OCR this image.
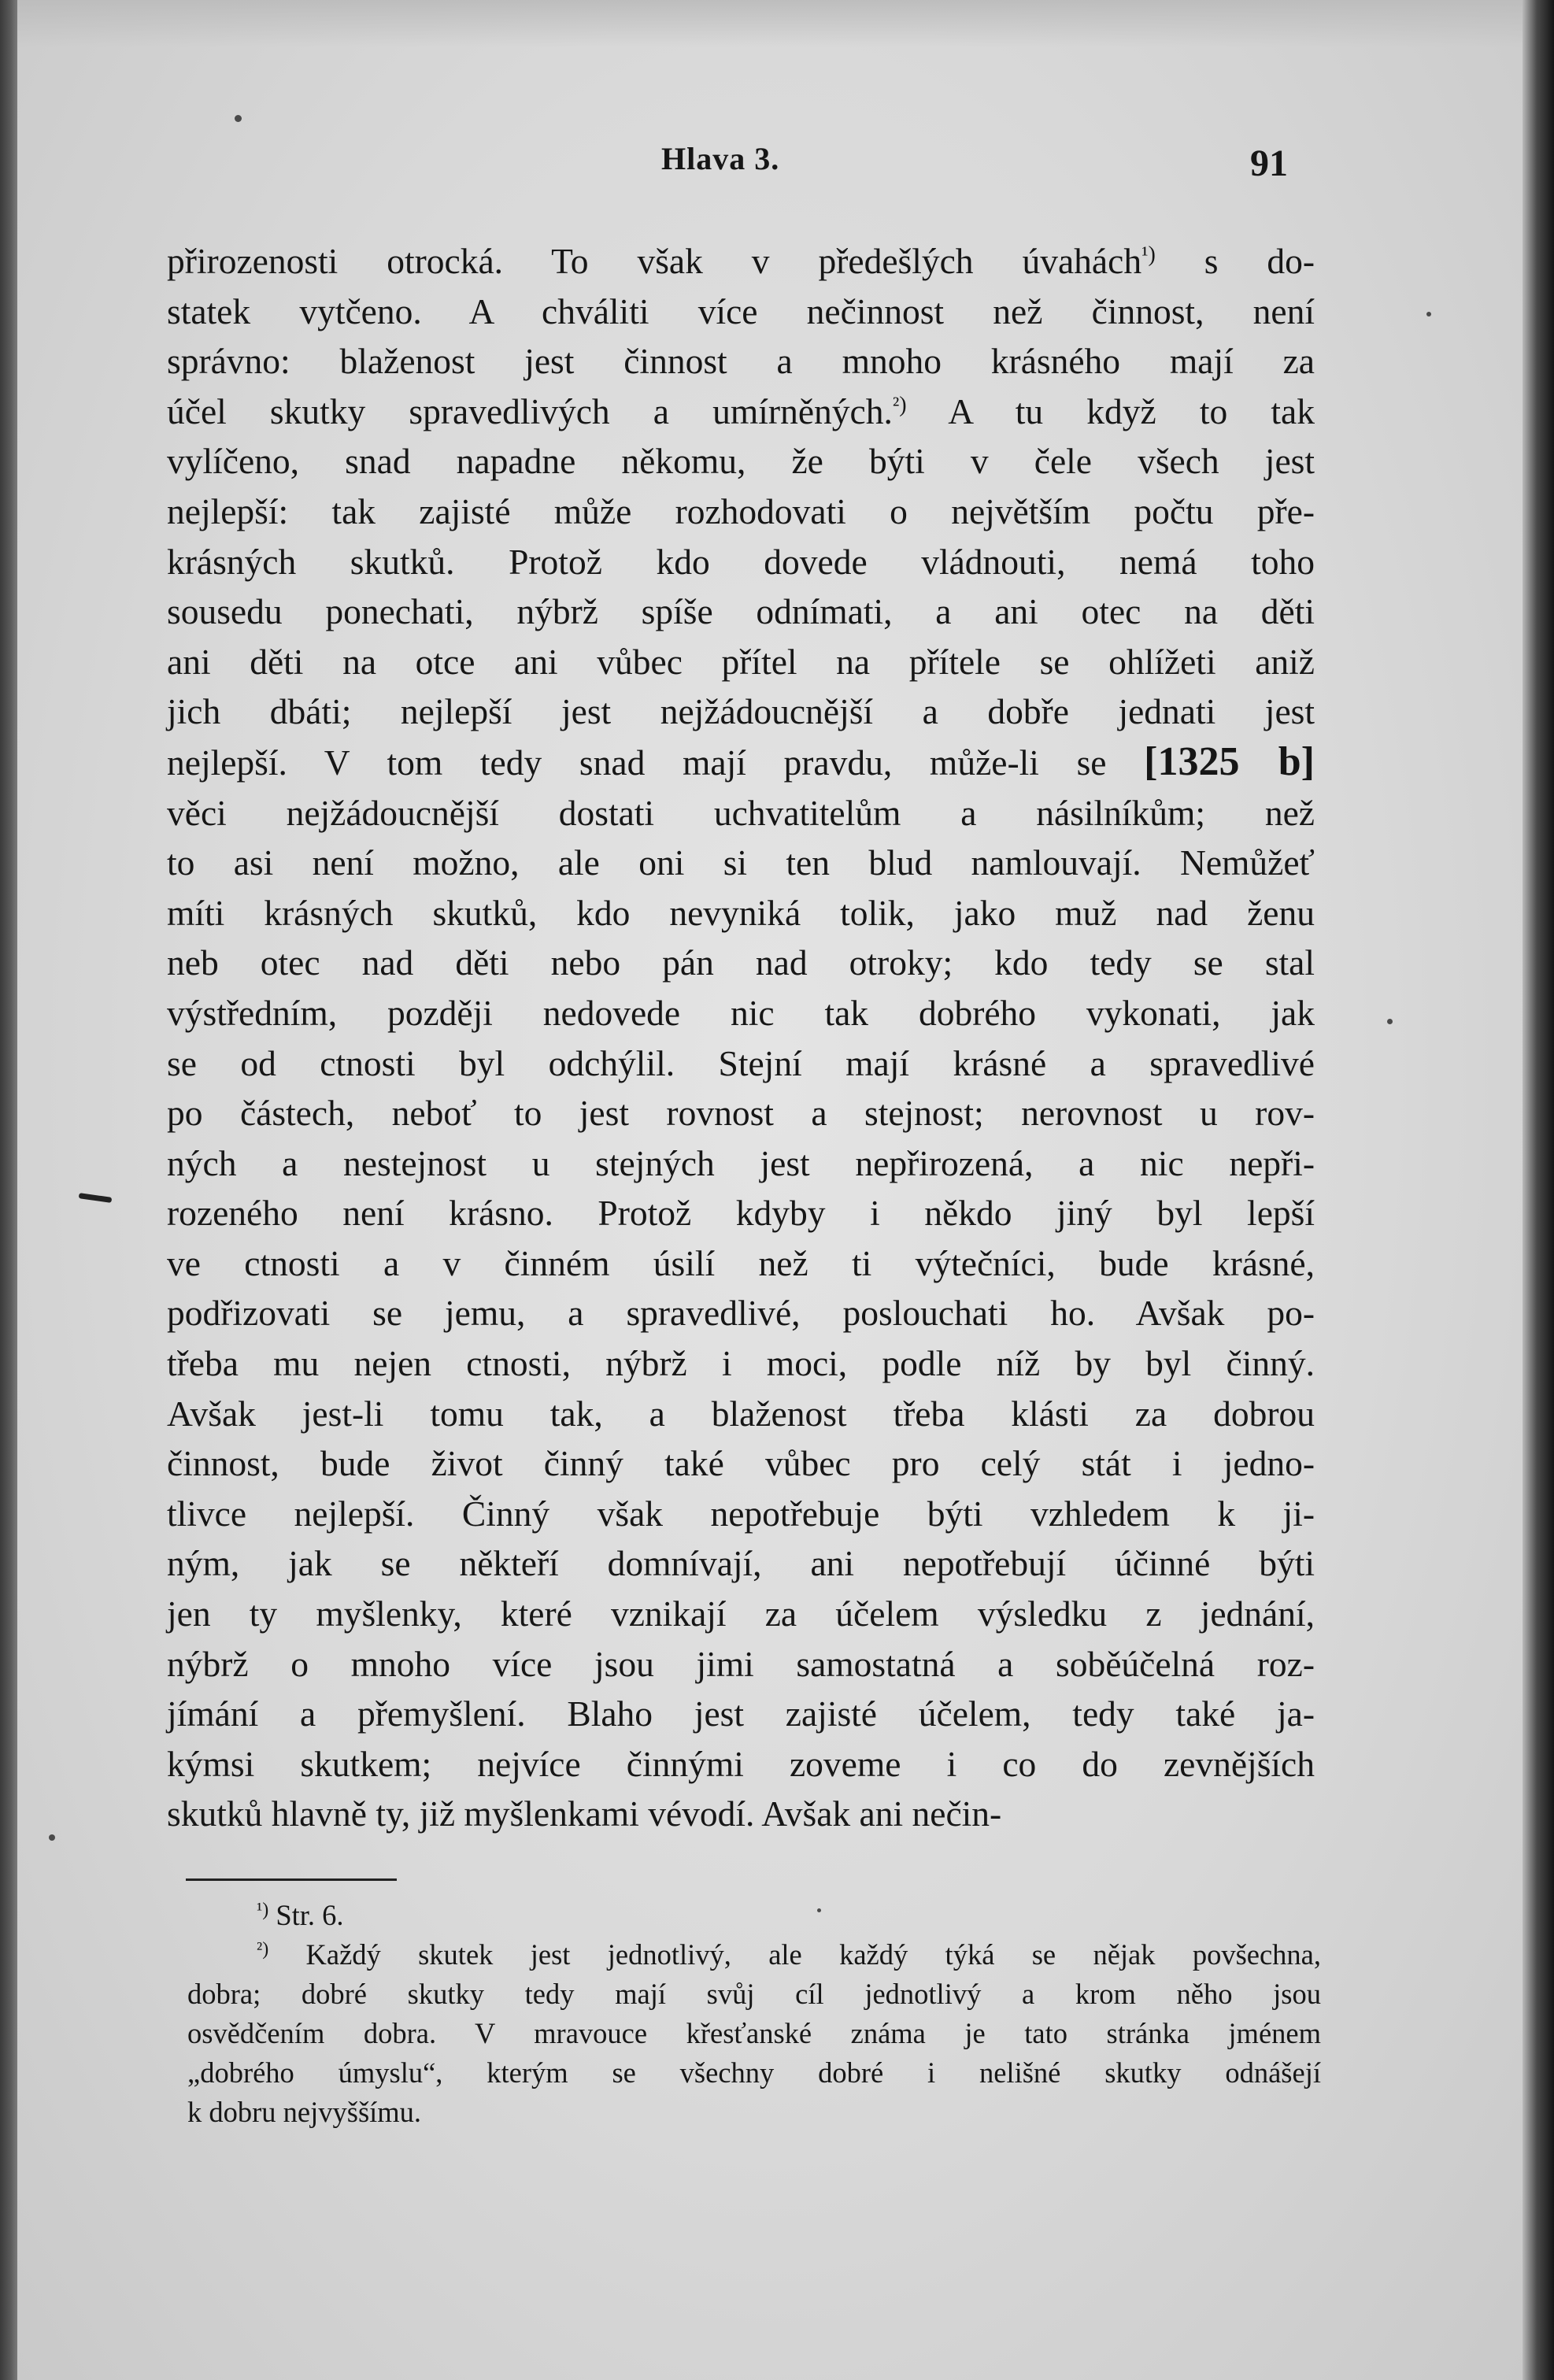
Hlava 3.	91
přirozenosti otrocká. To však v předešlých úvahách$^{^1)}$ s do-
statek vytčeno. A chváliti více nečinnost než činnost, není
správno: blaženost jest činnost a mnoho krásného mají za
účel skutky spravedlivých a umírněných.$^{^2)}$ A tu když to tak
vylíčeno, snad napadne někomu, že býti v čele všech jest
nejlepší: tak zajisté může rozhodovati o největším počtu pře-
krásných skutků. Protož kdo dovede vládnouti, nemá toho
sousedu ponechati, nýbrž spíše odnímati, a ani otec na děti
ani děti na otce ani vůbec přítel na přítele se ohlížeti aniž
jich dbáti; nejlepší jest nejžádoucnější a dobře jednati jest
nejlepší. V tom tedy snad mají pravdu, může-li se [1325 b]
věci nejžádoucnější dostati uchvatitelům a násilníkům; než
to asi není možno, ale oni si ten blud namlouvají. Nemůžeť
míti krásných skutků, kdo nevyniká tolik, jako muž nad ženu
neb otec nad děti nebo pán nad otroky; kdo tedy se stal
výstředním, později nedovede nic tak dobrého vykonati, jak
se od ctnosti byl odchýlil. Stejní mají krásné a spravedlivé
po částech, neboť to jest rovnost a stejnost; nerovnost u rov-
ných a nestejnost u stejných jest nepřirozená, a nic nepři-
rozeného není krásno. Protož kdyby i někdo jiný byl lepší
ve ctnosti a v činném úsilí než ti výtečníci, bude krásné,
podřizovati se jemu, a spravedlivé, poslouchati ho. Avšak po-
třeba mu nejen ctnosti, nýbrž i moci, podle níž by byl činný.
Avšak jest-li tomu tak, a blaženost třeba klásti za dobrou
činnost, bude život činný také vůbec pro celý stát i jedno-
tlivce nejlepší. Činný však nepotřebuje býti vzhledem k ji-
ným, jak se někteří domnívají, ani nepotřebují účinné býti
jen ty myšlenky, které vznikají za účelem výsledku z jednání,
nýbrž o mnoho více jsou jimi samostatná a soběúčelná roz-
jímání a přemyšlení. Blaho jest zajisté účelem, tedy také ja-
kýmsi skutkem; nejvíce činnými zoveme i co do zevnějších
skutků hlavně ty, již myšlenkami vévodí. Avšak ani nečin-
$^{^1)}$ Str. 6.
$^{^2)}$ Každý skutek jest jednotlivý, ale každý týká se nějak povšechna,
dobra; dobré skutky tedy mají svůj cíl jednotlivý a krom něho jsou
osvědčením dobra. V mravouce křesťanské známa je tato stránka jménem
„dobrého úmyslu“, kterým se všechny dobré i nelišné skutky odnášejí
k dobru nejvyššímu.
